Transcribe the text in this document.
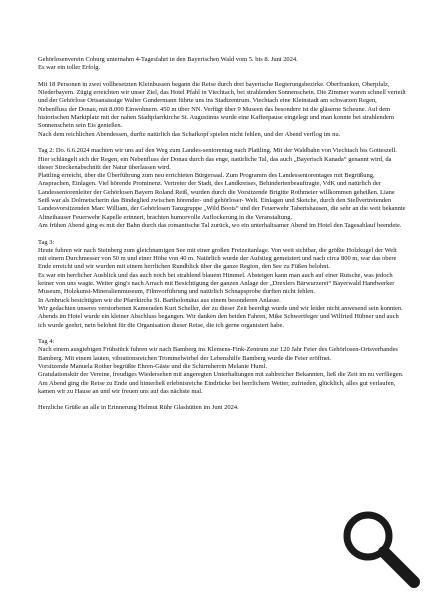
Gehörlosenverein Coburg unternahm 4-Tagesfahrt in den Bayerischen Wald vom 5. bis 8. Juni 2024.

Es war ein toller Erfolg.

Mit 18 Personen in zwei vollbesetzten Kleinbussen begann die Reise durch drei bayerische Regierungsbezirke. Oberfranken, Oberpfalz, Niederbayern. Zügig erreichten wir unser Ziel, das Hotel Pfahl in Viechtach, bei strahlenden Sonnenschein. Die Zimmer waren schnell verteilt und der Gehörlose Ortsansässige Walter Gundermann führte uns ins Stadtzentrum. Viechtach eine Kleinstadt am schwarzen Regen, Nebenfluss der Donau, mit 8.000 Einwohnern. 450 m über NN. Verfügt über 9 Museen das besondere ist die gläserne Scheune. Auf dem historischen Marktplatz mit der nahen Stadtpfarrkirche St. Augustinus wurde eine Kaffeepause eingelegt und man konnte bei strahlendem Sonnenschein sein Eis genießen.

Nach dem reichlichen Abendessen, durfte natürlich das Schafkopf spielen nicht fehlen, und der Abend verflog im nu.

Tag 2: Do. 6.6.2024 machten wir uns auf den Weg zum Landes-seniorentag nach Plattling. Mit der Waldbahn von Viechtach bis Gotteszell. Hier schlängelt sich der Regen, ein Nebenfluss der Donau durch das enge, natürliche Tal, das auch „Bayerisch Kanada“ genannt wird, da dieser Streckenabschnitt der Natur überlassen wird.

Plattling erreicht, über die Überführung zum neu errichteten Bürgersaal. Zum Programm des Landesseniorentages mit Begrüßung, Ansprachen, Einlagen. Viel hörende Prominenz. Vertreter der Stadt, des Landkreises, Behindertenbeauftragte, VdK und natürlich der Landesseniorenleiter der Gehörlosen Bayern Roland Reiß, wurden durch die Vorsitzende Brigitte Rothmeier willkommen geheißen. Liane Seiß war als Dolmetscherin das Bindeglied zwischen hörender- und gehörloser- Welt. Einlagen und Sketche, durch den Stellvertretenden Landesvorsitzenden Marc William, der Gehörlosen Tanzgruppe „Wild Boots“ und der Feuerwehr Tabertshausen, die sehr an die weit bekannte Altneihauser Feuerwehr Kapelle erinnert, brachten humorvolle Auflockerung in die Veranstaltung.

Am frühen Abend ging es mit der Bahn durch das romantische Tal zurück, wo ein unterhaltsamer Abend im Hotel den Tagesablauf beendete.

Tag 3:

Heute fuhren wir nach Steinberg zum gleichnamigen See mit einer großen Freizeitanlage. Von weit sichtbar, die größte Holzkugel der Welt mit einem Durchmesser von 50 m und einer Höhe von 40 m. Natürlich wurde der Aufstieg gemeistert und nach circa 800 m, war das obere Ende erreicht und wir wurden mit einem herrlichen Rundblick über die ganze Region, den See zu Füßen belohnt.

Es war ein herrlicher Ausblick und das auch noch bei strahlend blauem Himmel. Absteigen kann man auch auf einer Rutsche, was jedoch keiner von uns wagte. Weiter ging's nach Arrach mit Besichtigung der ganzen Anlage der „Drexlers Bärwurzerei“ Bayerwald Handwerker Museum, Holzkunst-Mineralienmuseum, Filmvorführung und natürlich Schnapsprobe durften nicht fehlen.

In Arnbruck besichtigten wir die Pfarrkirche St. Bartholomäus aus einem besonderen Anlasse.

Wir gedachten unseres verstorbenen Kameraden Kurt Scheller, der zu dieser Zeit beerdigt wurde und wir leider nicht anwesend sein konnten.

Abends im Hotel wurde ein kleiner Abschluss begangen. Wir danken den beiden Fahren, Mike Schwertfeger und Wilfried Hübner und auch ich wurde geehrt, nein belohnt für die Organisation dieser Reise, die ich gerne organisiert habe.

Tag 4:

Nach einem ausgiebigen Frühstück fuhren wir nach Bamberg ins Klemens-Fink-Zentrum zur 120 Jahr Feier des Gehörlosen-Ortsverbandes Bamberg. Mit einem lauten, vibrationsreichen Trommelwirbel der Lebenshilfe Bamberg wurde die Feier eröffnet.

Vorsitzende Manuela Rother begrüßte Ehren-Gäste und die Schirmherrin Melanie Huml.

Gratulationskür der Vereine, freudiges Wiedersehen mit angeregten Unterhaltungen mit zahlreicher Bekannten, ließ die Zeit im nu verfliegen.

Am Abend ging die Reise zu Ende und hinterließ erlebnisreiche Eindrücke bei herrlichem Wetter, zufrieden, glücklich, alles gut verlaufen, kamen wir zu Hause an und wir freuen uns auf das nächste mal.

Herzliche Grüße an alle in Erinnerung Helmut Rühr Glashütten im Juni 2024.
